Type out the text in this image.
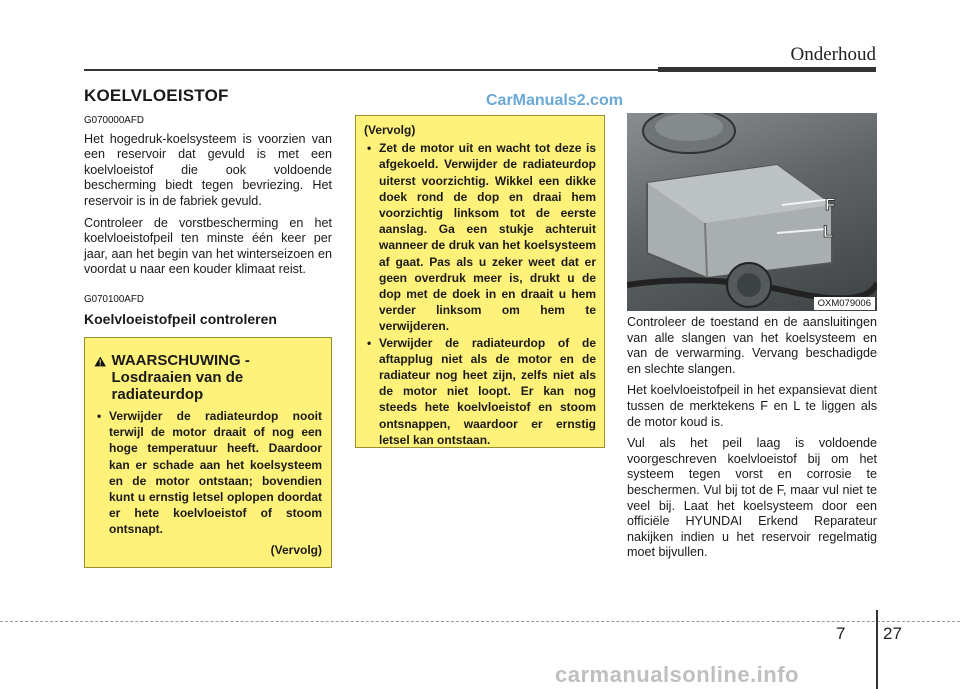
Onderhoud
KOELVLOEISTOF	CarManuals2.com
G070000AFD

Het hogedruk-koelsysteem is voorzien van een reservoir dat gevuld is met een koelvloeistof die ook voldoende bescherming biedt tegen bevriezing. Het reservoir is in de fabriek gevuld.

Controleer de vorstbescherming en het koelvloeistofpeil ten minste één keer per jaar, aan het begin van het winterseizoen en voordat u naar een kouder klimaat reist.

G070100AFD
Koelvloeistofpeil controleren
WAARSCHUWING - Losdraaien van de radiateurdop
• Verwijder de radiateurdop nooit terwijl de motor draait of nog een hoge temperatuur heeft. Daardoor kan er schade aan het koelsysteem en de motor ontstaan; bovendien kunt u ernstig letsel oplopen doordat er hete koelvloeistof of stoom ontsnapt.
(Vervolg)
(Vervolg)
• Zet de motor uit en wacht tot deze is afgekoeld. Verwijder de radiateurdop uiterst voorzichtig. Wikkel een dikke doek rond de dop en draai hem voorzichtig linksom tot de eerste aanslag. Ga een stukje achteruit wanneer de druk van het koelsysteem af gaat. Pas als u zeker weet dat er geen overdruk meer is, drukt u de dop met de doek in en draait u hem verder linksom om hem te verwijderen.
• Verwijder de radiateurdop of de aftapplug niet als de motor en de radiateur nog heet zijn, zelfs niet als de motor niet loopt. Er kan nog steeds hete koelvloeistof en stoom ontsnappen, waardoor er ernstig letsel kan ontstaan.
F
L
OXM079006

Controleer de toestand en de aansluitingen van alle slangen van het koelsysteem en van de verwarming. Vervang beschadigde en slechte slangen.

Het koelvloeistofpeil in het expansievat dient tussen de merktekens F en L te liggen als de motor koud is.

Vul als het peil laag is voldoende voorgeschreven koelvloeistof bij om het systeem tegen vorst en corrosie te beschermen. Vul bij tot de F, maar vul niet te veel bij. Laat het koelsysteem door een officiële HYUNDAI Erkend Reparateur nakijken indien u het reservoir regelmatig moet bijvullen.

7 27
carmanualsonline.info
